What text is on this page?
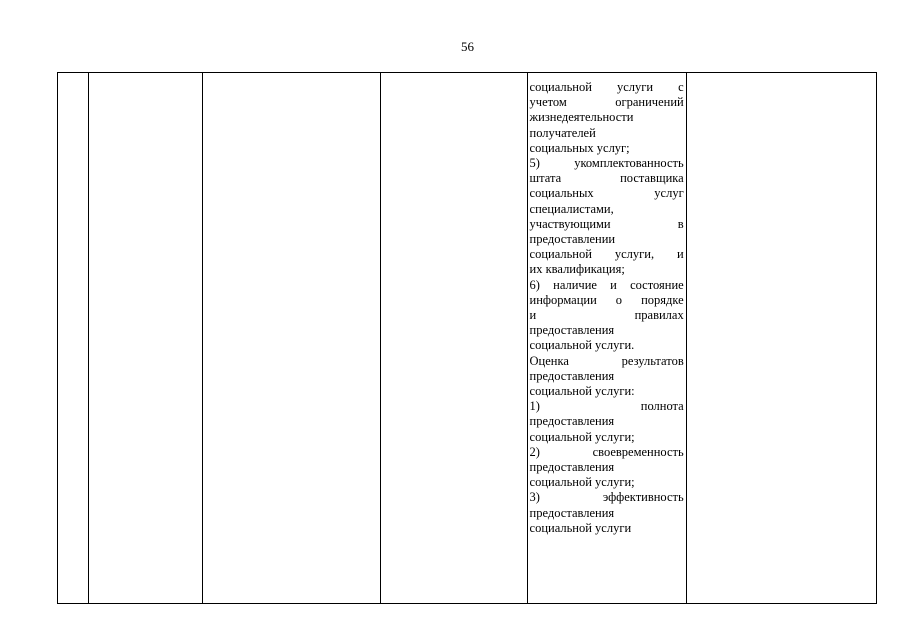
56

социальной услуги с
учетом ограничений
жизнедеятельности
получателей
социальных услуг;
5) укомплектованность
штата поставщика
социальных услуг
специалистами,
участвующими в
предоставлении
социальной услуги, и
их квалификация;
6) наличие и состояние
информации о порядке
и правилах
предоставления
социальной услуги.
Оценка результатов
предоставления
социальной услуги:
1) полнота
предоставления
социальной услуги;
2) своевременность
предоставления
социальной услуги;
3) эффективность
предоставления
социальной услуги
